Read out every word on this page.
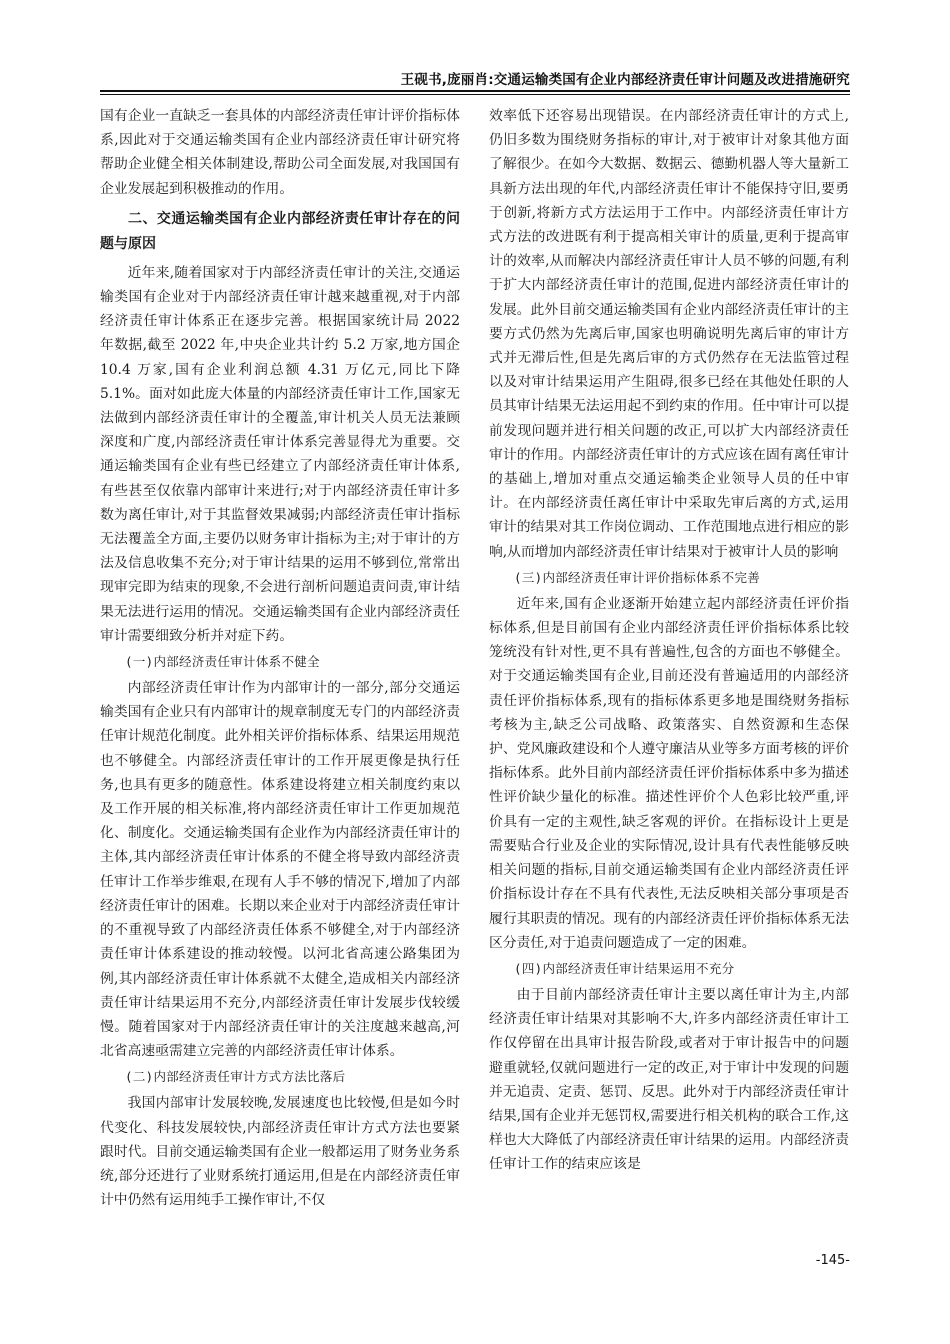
王砚书,庞丽肖:交通运输类国有企业内部经济责任审计问题及改进措施研究

国有企业一直缺乏一套具体的内部经济责任审计评价指标体系,因此对于交通运输类国有企业内部经济责任审计研究将帮助企业健全相关体制建设,帮助公司全面发展,对我国国有企业发展起到积极推动的作用。

二、交通运输类国有企业内部经济责任审计存在的问题与原因

近年来,随着国家对于内部经济责任审计的关注,交通运输类国有企业对于内部经济责任审计越来越重视,对于内部经济责任审计体系正在逐步完善。根据国家统计局 2022 年数据,截至 2022 年,中央企业共计约 5.2 万家,地方国企 10.4 万家,国有企业利润总额 4.31 万亿元,同比下降 5.1%。面对如此庞大体量的内部经济责任审计工作,国家无法做到内部经济责任审计的全覆盖,审计机关人员无法兼顾深度和广度,内部经济责任审计体系完善显得尤为重要。交通运输类国有企业有些已经建立了内部经济责任审计体系,有些甚至仅依靠内部审计来进行;对于内部经济责任审计多数为离任审计,对于其监督效果减弱;内部经济责任审计指标无法覆盖全方面,主要仍以财务审计指标为主;对于审计的方法及信息收集不充分;对于审计结果的运用不够到位,常常出现审完即为结束的现象,不会进行剖析问题追责问责,审计结果无法进行运用的情况。交通运输类国有企业内部经济责任审计需要细致分析并对症下药。

(一)内部经济责任审计体系不健全

内部经济责任审计作为内部审计的一部分,部分交通运输类国有企业只有内部审计的规章制度无专门的内部经济责任审计规范化制度。此外相关评价指标体系、结果运用规范也不够健全。内部经济责任审计的工作开展更像是执行任务,也具有更多的随意性。体系建设将建立相关制度约束以及工作开展的相关标准,将内部经济责任审计工作更加规范化、制度化。交通运输类国有企业作为内部经济责任审计的主体,其内部经济责任审计体系的不健全将导致内部经济责任审计工作举步维艰,在现有人手不够的情况下,增加了内部经济责任审计的困难。长期以来企业对于内部经济责任审计的不重视导致了内部经济责任体系不够健全,对于内部经济责任审计体系建设的推动较慢。以河北省高速公路集团为例,其内部经济责任审计体系就不太健全,造成相关内部经济责任审计结果运用不充分,内部经济责任审计发展步伐较缓慢。随着国家对于内部经济责任审计的关注度越来越高,河北省高速亟需建立完善的内部经济责任审计体系。

(二)内部经济责任审计方式方法比落后

我国内部审计发展较晚,发展速度也比较慢,但是如今时代变化、科技发展较快,内部经济责任审计方式方法也要紧跟时代。目前交通运输类国有企业一般都运用了财务业务系统,部分还进行了业财系统打通运用,但是在内部经济责任审计中仍然有运用纯手工操作审计,不仅

效率低下还容易出现错误。在内部经济责任审计的方式上,仍旧多数为围绕财务指标的审计,对于被审计对象其他方面了解很少。在如今大数据、数据云、德勤机器人等大量新工具新方法出现的年代,内部经济责任审计不能保持守旧,要勇于创新,将新方式方法运用于工作中。内部经济责任审计方式方法的改进既有利于提高相关审计的质量,更利于提高审计的效率,从而解决内部经济责任审计人员不够的问题,有利于扩大内部经济责任审计的范围,促进内部经济责任审计的发展。此外目前交通运输类国有企业内部经济责任审计的主要方式仍然为先离后审,国家也明确说明先离后审的审计方式并无滞后性,但是先离后审的方式仍然存在无法监管过程以及对审计结果运用产生阻碍,很多已经在其他处任职的人员其审计结果无法运用起不到约束的作用。任中审计可以提前发现问题并进行相关问题的改正,可以扩大内部经济责任审计的作用。内部经济责任审计的方式应该在固有离任审计的基础上,增加对重点交通运输类企业领导人员的任中审计。在内部经济责任离任审计中采取先审后离的方式,运用审计的结果对其工作岗位调动、工作范围地点进行相应的影响,从而增加内部经济责任审计结果对于被审计人员的影响

(三)内部经济责任审计评价指标体系不完善

近年来,国有企业逐渐开始建立起内部经济责任评价指标体系,但是目前国有企业内部经济责任评价指标体系比较笼统没有针对性,更不具有普遍性,包含的方面也不够健全。对于交通运输类国有企业,目前还没有普遍适用的内部经济责任评价指标体系,现有的指标体系更多地是围绕财务指标考核为主,缺乏公司战略、政策落实、自然资源和生态保护、党风廉政建设和个人遵守廉洁从业等多方面考核的评价指标体系。此外目前内部经济责任评价指标体系中多为描述性评价缺少量化的标准。描述性评价个人色彩比较严重,评价具有一定的主观性,缺乏客观的评价。在指标设计上更是需要贴合行业及企业的实际情况,设计具有代表性能够反映相关问题的指标,目前交通运输类国有企业内部经济责任评价指标设计存在不具有代表性,无法反映相关部分事项是否履行其职责的情况。现有的内部经济责任评价指标体系无法区分责任,对于追责问题造成了一定的困难。

(四)内部经济责任审计结果运用不充分

由于目前内部经济责任审计主要以离任审计为主,内部经济责任审计结果对其影响不大,许多内部经济责任审计工作仅停留在出具审计报告阶段,或者对于审计报告中的问题避重就轻,仅就问题进行一定的改正,对于审计中发现的问题并无追责、定责、惩罚、反思。此外对于内部经济责任审计结果,国有企业并无惩罚权,需要进行相关机构的联合工作,这样也大大降低了内部经济责任审计结果的运用。内部经济责任审计工作的结束应该是

-145-
